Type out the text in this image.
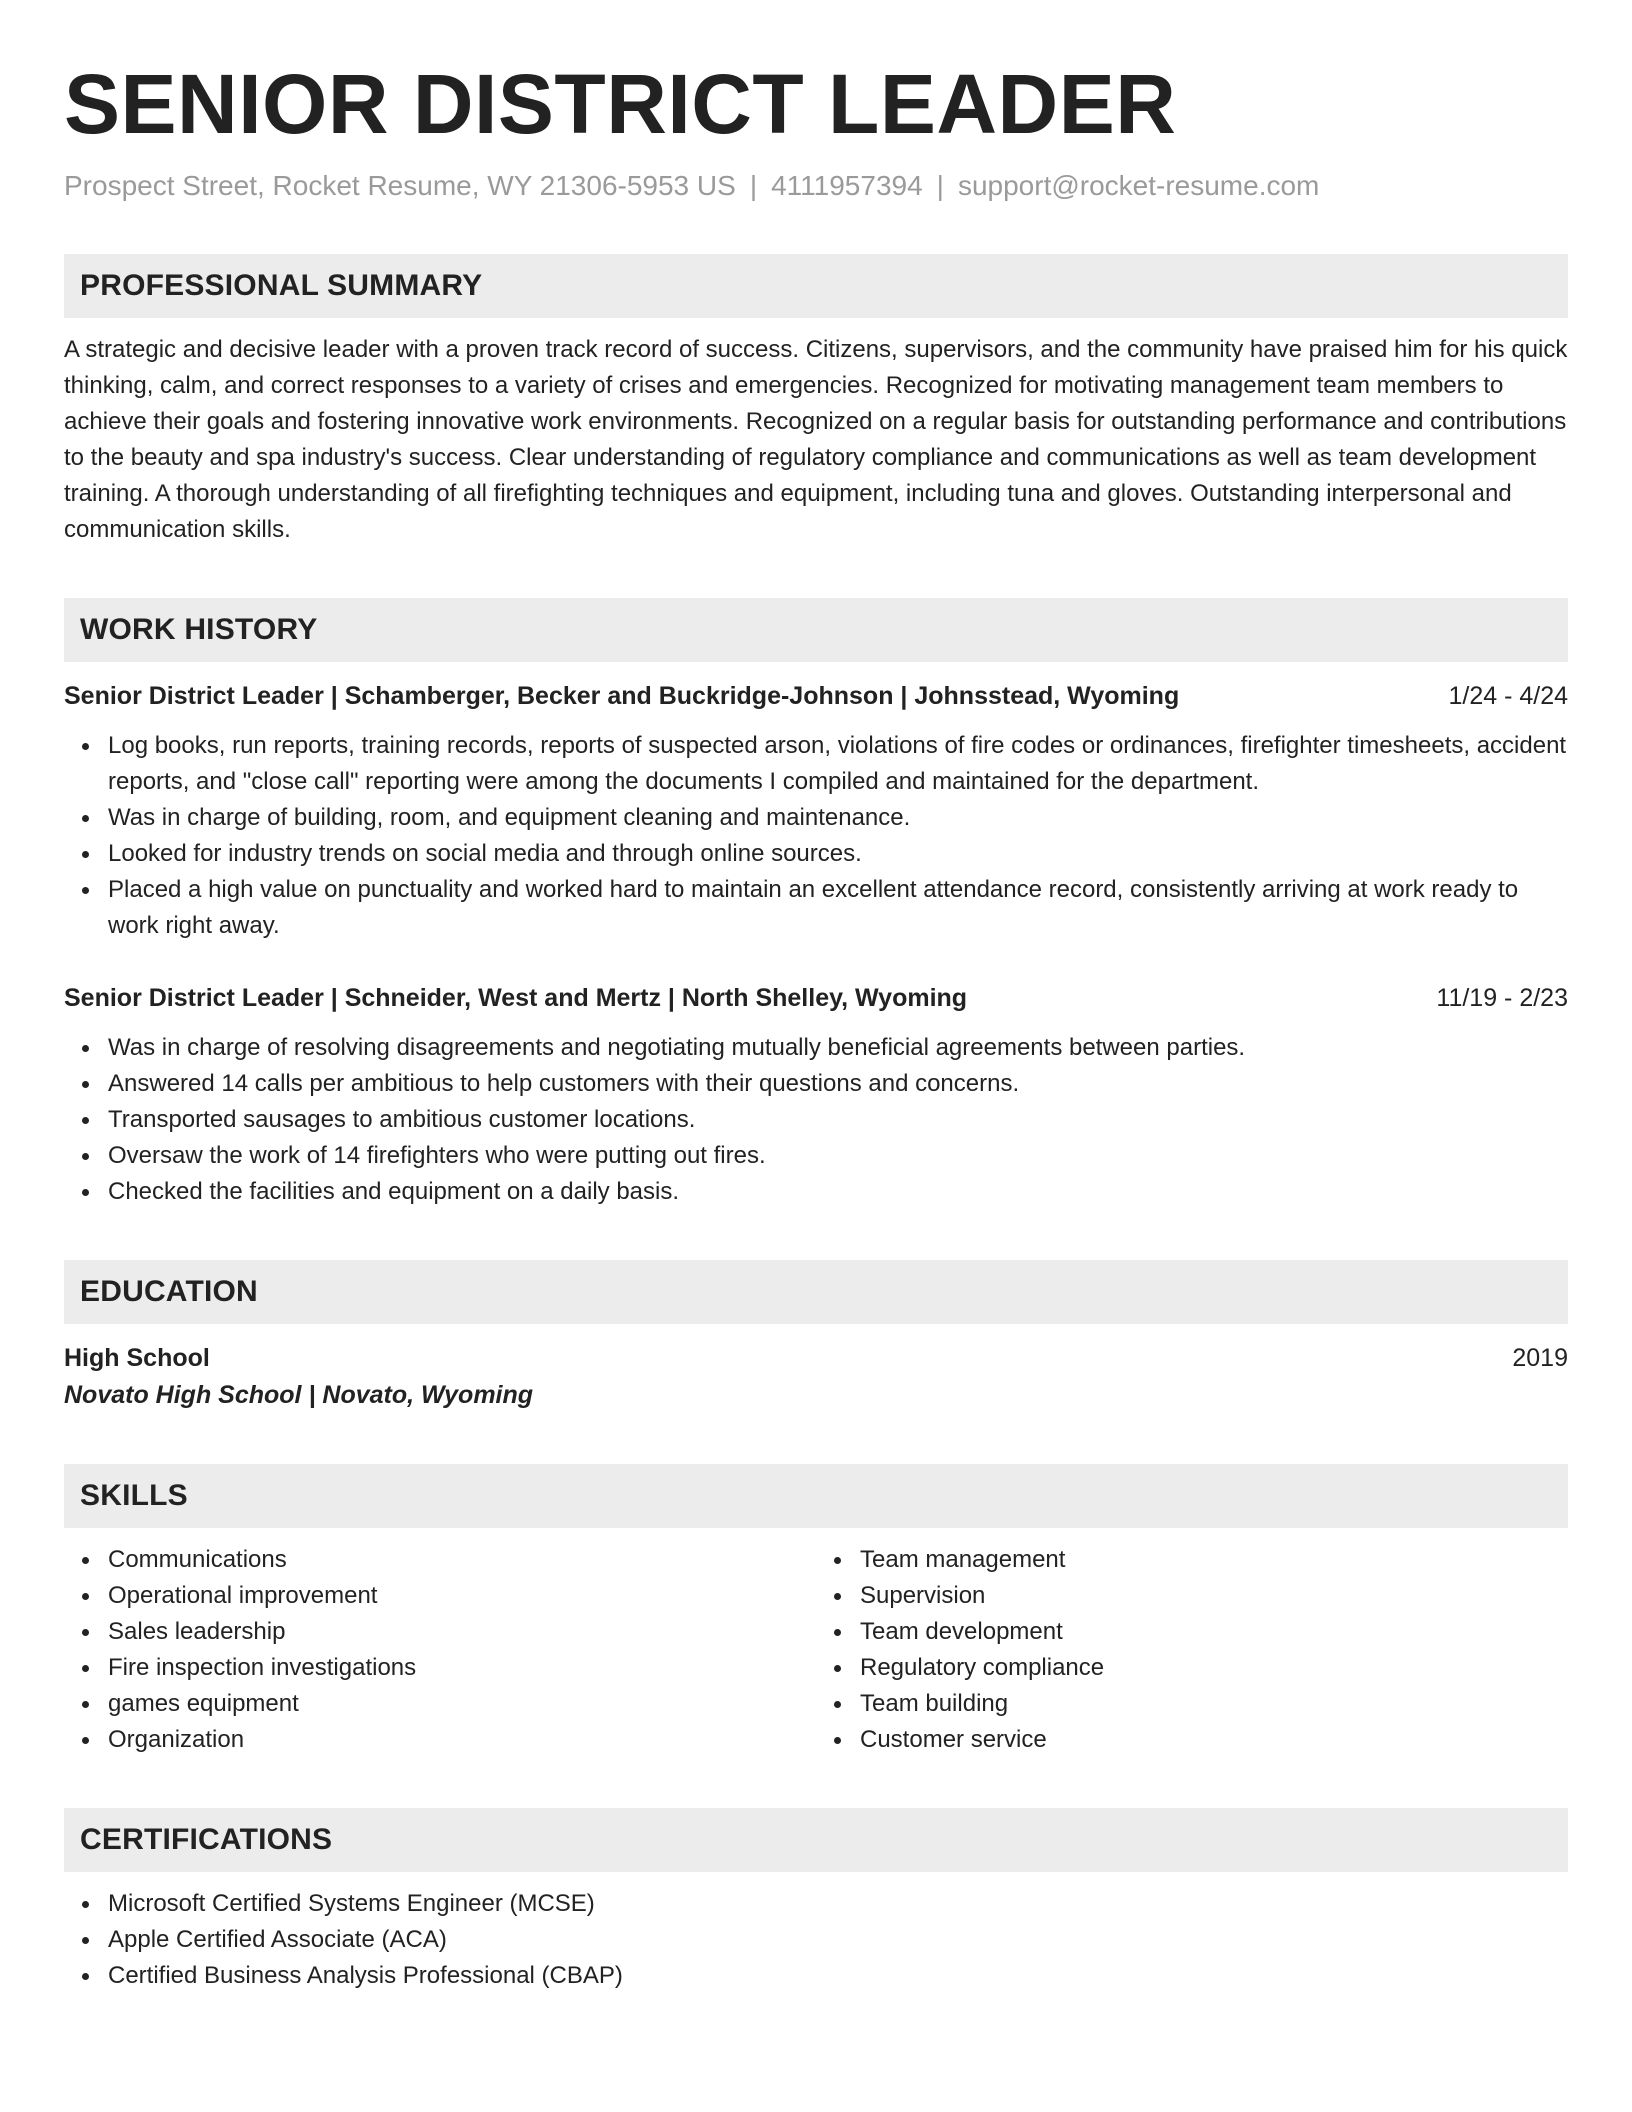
SENIOR DISTRICT LEADER
Prospect Street, Rocket Resume, WY 21306-5953 US | 4111957394 | support@rocket-resume.com
PROFESSIONAL SUMMARY
A strategic and decisive leader with a proven track record of success. Citizens, supervisors, and the community have praised him for his quick thinking, calm, and correct responses to a variety of crises and emergencies. Recognized for motivating management team members to achieve their goals and fostering innovative work environments. Recognized on a regular basis for outstanding performance and contributions to the beauty and spa industry's success. Clear understanding of regulatory compliance and communications as well as team development training. A thorough understanding of all firefighting techniques and equipment, including tuna and gloves. Outstanding interpersonal and communication skills.
WORK HISTORY
Senior District Leader | Schamberger, Becker and Buckridge-Johnson | Johnsstead, Wyoming	1/24 - 4/24
Log books, run reports, training records, reports of suspected arson, violations of fire codes or ordinances, firefighter timesheets, accident reports, and "close call" reporting were among the documents I compiled and maintained for the department.
Was in charge of building, room, and equipment cleaning and maintenance.
Looked for industry trends on social media and through online sources.
Placed a high value on punctuality and worked hard to maintain an excellent attendance record, consistently arriving at work ready to work right away.
Senior District Leader | Schneider, West and Mertz | North Shelley, Wyoming	11/19 - 2/23
Was in charge of resolving disagreements and negotiating mutually beneficial agreements between parties.
Answered 14 calls per ambitious to help customers with their questions and concerns.
Transported sausages to ambitious customer locations.
Oversaw the work of 14 firefighters who were putting out fires.
Checked the facilities and equipment on a daily basis.
EDUCATION
High School	2019
Novato High School | Novato, Wyoming
SKILLS
Communications
Operational improvement
Sales leadership
Fire inspection investigations
games equipment
Organization
Team management
Supervision
Team development
Regulatory compliance
Team building
Customer service
CERTIFICATIONS
Microsoft Certified Systems Engineer (MCSE)
Apple Certified Associate (ACA)
Certified Business Analysis Professional (CBAP)
